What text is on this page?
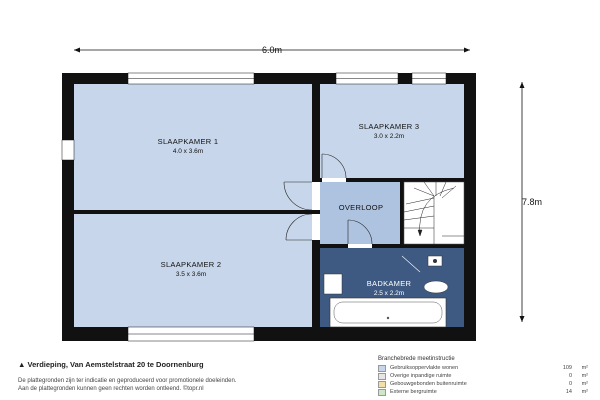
6.0m
7.8m
SLAAPKAMER 1
4.0 x 3.6m
SLAAPKAMER 3
3.0 x 2.2m
OVERLOOP
SLAAPKAMER 2
3.5 x 3.6m
BADKAMER
2.5 x 2.2m
▲ Verdieping, Van Aemstelstraat 20 te Doornenburg
De plattegronden zijn ter indicatie en geproduceerd voor promotionele doeleinden.
Aan de plattegronden kunnen geen rechten worden ontleend. ©topr.nl
Branchebrede meetinstructie
Gebruiksoppervlakte wonen	109	m²
Overige inpandige ruimte	0	m²
Gebouwgebonden buitenruimte	0	m²
Externe bergruimte	14	m²
